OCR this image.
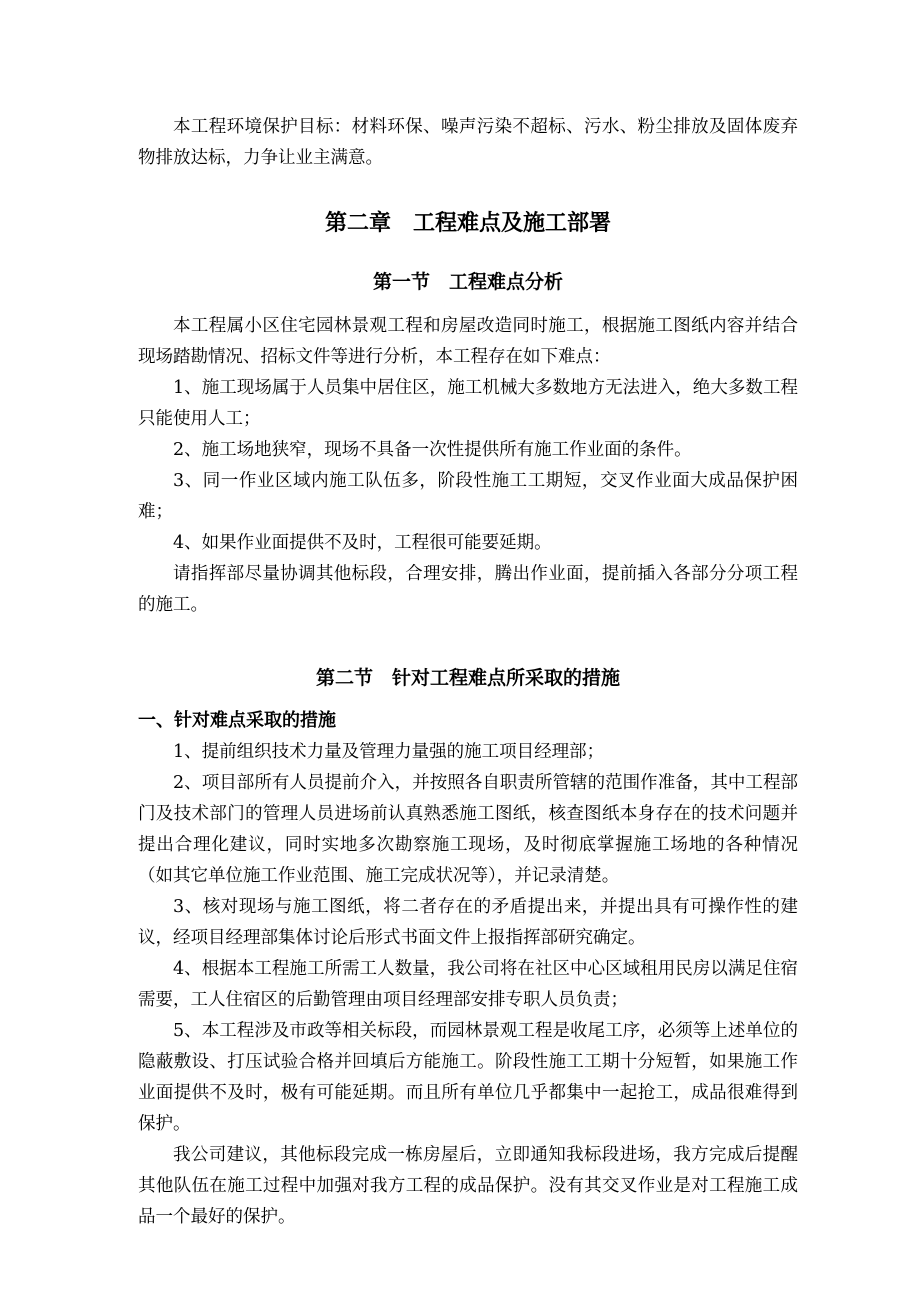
本工程环境保护目标：材料环保、噪声污染不超标、污水、粉尘排放及固体废弃物排放达标，力争让业主满意。

第二章　工程难点及施工部署
第一节　工程难点分析

本工程属小区住宅园林景观工程和房屋改造同时施工，根据施工图纸内容并结合现场踏勘情况、招标文件等进行分析，本工程存在如下难点：

1、施工现场属于人员集中居住区，施工机械大多数地方无法进入，绝大多数工程只能使用人工；

2、施工场地狭窄，现场不具备一次性提供所有施工作业面的条件。

3、同一作业区域内施工队伍多，阶段性施工工期短，交叉作业面大成品保护困难；

4、如果作业面提供不及时，工程很可能要延期。

请指挥部尽量协调其他标段，合理安排，腾出作业面，提前插入各部分分项工程的施工。

第二节　针对工程难点所采取的措施
一、针对难点采取的措施

1、提前组织技术力量及管理力量强的施工项目经理部；

2、项目部所有人员提前介入，并按照各自职责所管辖的范围作准备，其中工程部门及技术部门的管理人员进场前认真熟悉施工图纸，核查图纸本身存在的技术问题并提出合理化建议，同时实地多次勘察施工现场，及时彻底掌握施工场地的各种情况（如其它单位施工作业范围、施工完成状况等），并记录清楚。

3、核对现场与施工图纸，将二者存在的矛盾提出来，并提出具有可操作性的建议，经项目经理部集体讨论后形式书面文件上报指挥部研究确定。

4、根据本工程施工所需工人数量，我公司将在社区中心区域租用民房以满足住宿需要，工人住宿区的后勤管理由项目经理部安排专职人员负责；

5、本工程涉及市政等相关标段，而园林景观工程是收尾工序，必须等上述单位的隐蔽敷设、打压试验合格并回填后方能施工。阶段性施工工期十分短暂，如果施工作业面提供不及时，极有可能延期。而且所有单位几乎都集中一起抢工，成品很难得到保护。

我公司建议，其他标段完成一栋房屋后，立即通知我标段进场，我方完成后提醒其他队伍在施工过程中加强对我方工程的成品保护。没有其交叉作业是对工程施工成品一个最好的保护。
